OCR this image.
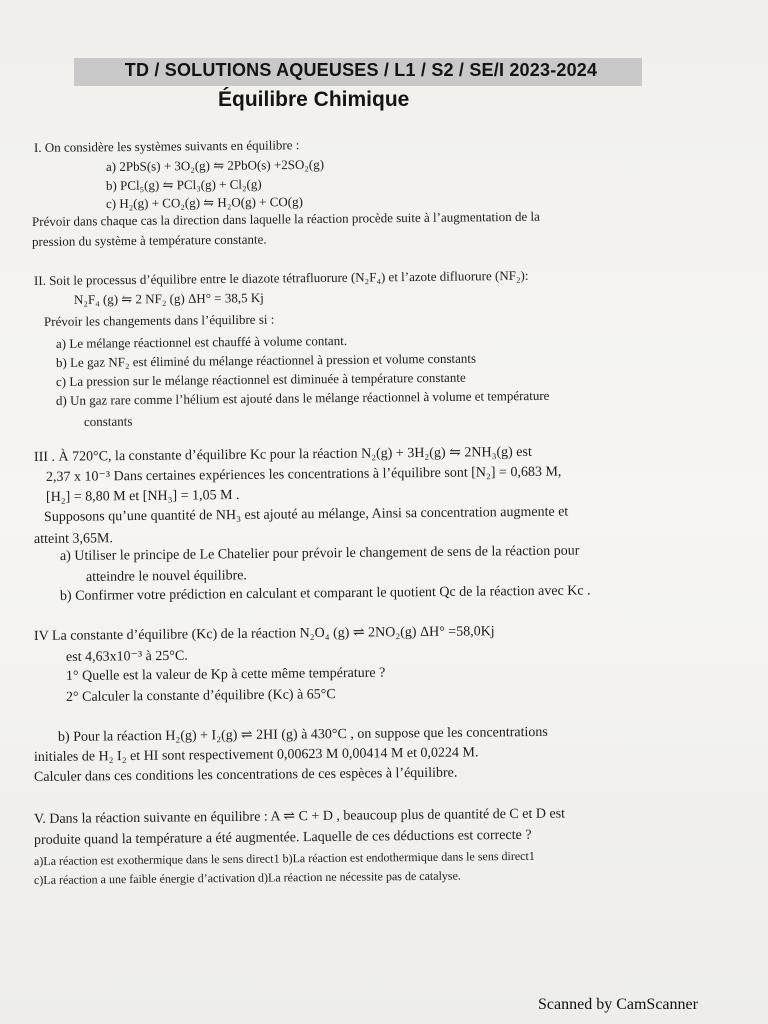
TD / SOLUTIONS AQUEUSES / L1 / S2 / SE/I 2023-2024
Équilibre Chimique
I. On considère les systèmes suivants en équilibre :
a) 2PbS(s) + 3O₂(g) ⇋ 2PbO(s) +2SO₂(g)
b) PCl₅(g) ⇋ PCl₃(g) + Cl₂(g)
c) H₂(g) + CO₂(g) ⇋ H₂O(g) + CO(g)
Prévoir dans chaque cas la direction dans laquelle la réaction procède suite à l’augmentation de la
pression du système à température constante.
II. Soit le processus d’équilibre entre le diazote tétrafluorure (N₂F₄) et l’azote difluorure (NF₂):
N₂F₄ (g) ⇋ 2 NF₂ (g) ΔH° = 38,5 Kj
Prévoir les changements dans l’équilibre si :
a) Le mélange réactionnel est chauffé à volume contant.
b) Le gaz NF₂ est éliminé du mélange réactionnel à pression et volume constants
c) La pression sur le mélange réactionnel est diminuée à température constante
d) Un gaz rare comme l’hélium est ajouté dans le mélange réactionnel à volume et température
constants
III . À 720°C, la constante d’équilibre Kc pour la réaction N₂(g) + 3H₂(g) ⇋ 2NH₃(g) est
2,37 x 10⁻³ Dans certaines expériences les concentrations à l’équilibre sont [N₂] = 0,683 M,
[H₂] = 8,80 M et [NH₃] = 1,05 M .
Supposons qu’une quantité de NH₃ est ajouté au mélange, Ainsi sa concentration augmente et
atteint 3,65M.
a) Utiliser le principe de Le Chatelier pour prévoir le changement de sens de la réaction pour
atteindre le nouvel équilibre.
b) Confirmer votre prédiction en calculant et comparant le quotient Qc de la réaction avec Kc .
IV La constante d’équilibre (Kc) de la réaction N₂O₄ (g) ⇌ 2NO₂(g) ΔH° =58,0Kj
est 4,63x10⁻³ à 25°C.
1° Quelle est la valeur de Kp à cette même température ?
2° Calculer la constante d’équilibre (Kc) à 65°C
b) Pour la réaction H₂(g) + I₂(g) ⇌ 2HI (g) à 430°C , on suppose que les concentrations
initiales de H₂ I₂ et HI sont respectivement 0,00623 M 0,00414 M et 0,0224 M.
Calculer dans ces conditions les concentrations de ces espèces à l’équilibre.
V. Dans la réaction suivante en équilibre : A ⇌ C + D , beaucoup plus de quantité de C et D est
produite quand la température a été augmentée. Laquelle de ces déductions est correcte ?
a)La réaction est exothermique dans le sens direct1 b)La réaction est endothermique dans le sens direct1
c)La réaction a une faible énergie d’activation d)La réaction ne nécessite pas de catalyse.
Scanned by CamScanner
